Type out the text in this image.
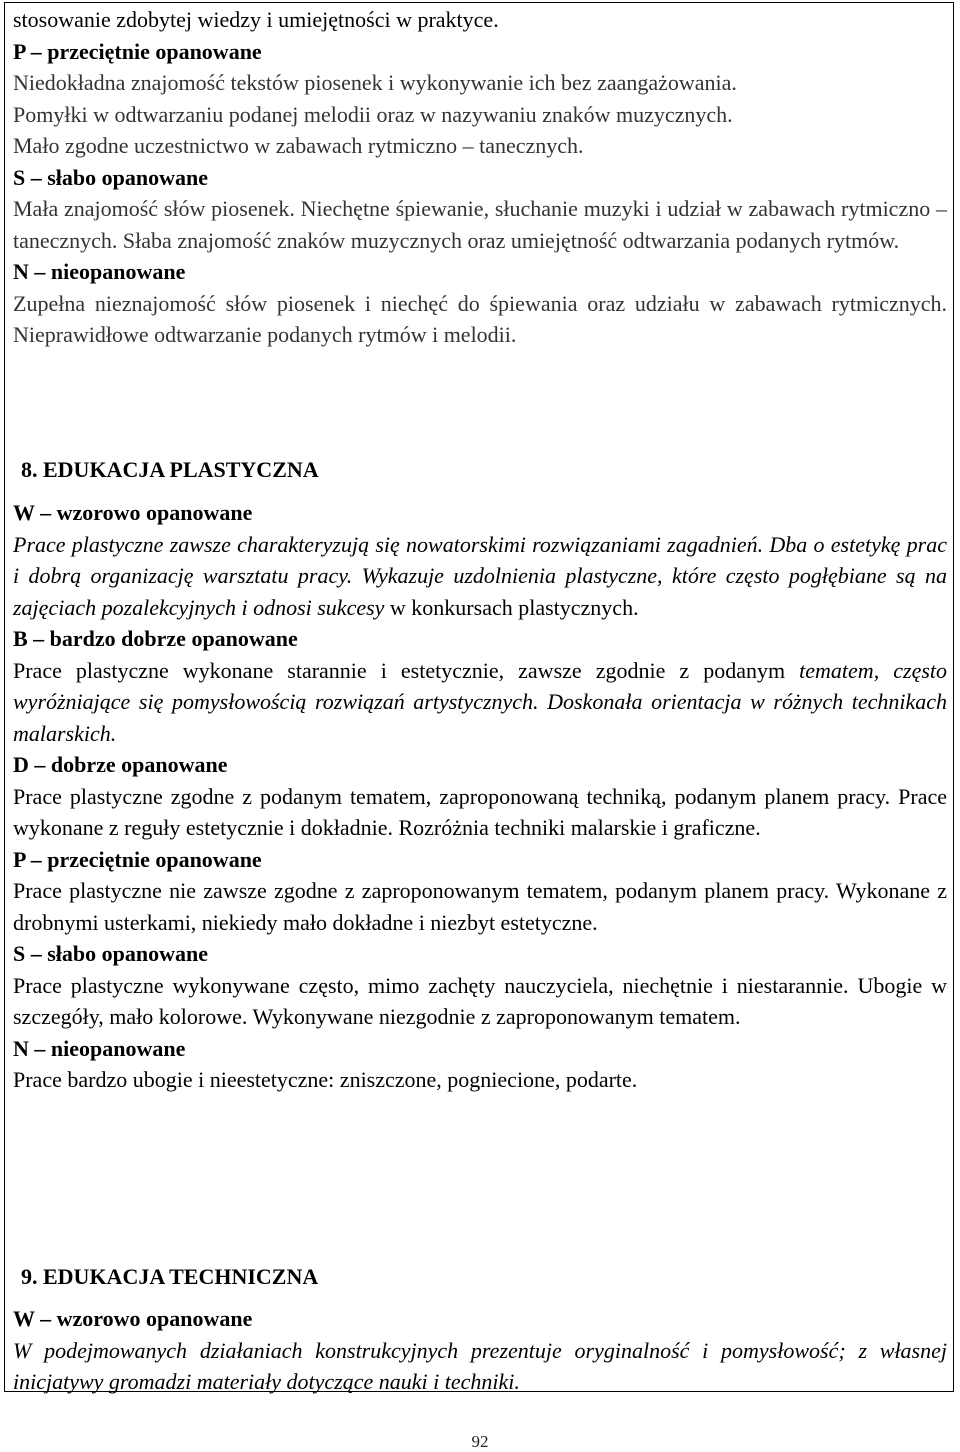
stosowanie zdobytej wiedzy i umiejętności w praktyce.

P – przeciętnie opanowane

Niedokładna znajomość tekstów piosenek i wykonywanie ich bez zaangażowania.

Pomyłki w odtwarzaniu podanej melodii oraz w nazywaniu znaków muzycznych.

Mało zgodne uczestnictwo w zabawach rytmiczno – tanecznych.

S – słabo opanowane

Mała znajomość słów piosenek. Niechętne śpiewanie, słuchanie muzyki i udział w zabawach rytmiczno – tanecznych. Słaba znajomość znaków muzycznych oraz umiejętność odtwarzania podanych rytmów.

N – nieopanowane

Zupełna nieznajomość słów piosenek i niechęć do śpiewania oraz udziału w zabawach rytmicznych. Nieprawidłowe odtwarzanie podanych rytmów i melodii.

8. EDUKACJA PLASTYCZNA

W – wzorowo opanowane

Prace plastyczne zawsze charakteryzują się nowatorskimi rozwiązaniami zagadnień. Dba o estetykę prac i dobrą organizację warsztatu pracy. Wykazuje uzdolnienia plastyczne, które często pogłębiane są na zajęciach pozalekcyjnych i odnosi sukcesy w konkursach plastycznych.

B – bardzo dobrze opanowane

Prace plastyczne wykonane starannie i estetycznie, zawsze zgodnie z podanym tematem, często wyróżniające się pomysłowością rozwiązań artystycznych. Doskonała orientacja w różnych technikach malarskich.

D – dobrze opanowane

Prace plastyczne zgodne z podanym tematem, zaproponowaną techniką, podanym planem pracy. Prace wykonane z reguły estetycznie i dokładnie. Rozróżnia techniki malarskie i graficzne.

P – przeciętnie opanowane

Prace plastyczne nie zawsze zgodne z zaproponowanym tematem, podanym planem pracy. Wykonane z drobnymi usterkami, niekiedy mało dokładne i niezbyt estetyczne.

S – słabo opanowane

Prace plastyczne wykonywane często, mimo zachęty nauczyciela, niechętnie i niestarannie. Ubogie w szczegóły, mało kolorowe. Wykonywane niezgodnie z zaproponowanym tematem.

N – nieopanowane

Prace bardzo ubogie i nieestetyczne: zniszczone, pogniecione, podarte.

9. EDUKACJA TECHNICZNA

W – wzorowo opanowane

W podejmowanych działaniach konstrukcyjnych prezentuje oryginalność i pomysłowość; z własnej inicjatywy gromadzi materiały dotyczące nauki i techniki.

92
